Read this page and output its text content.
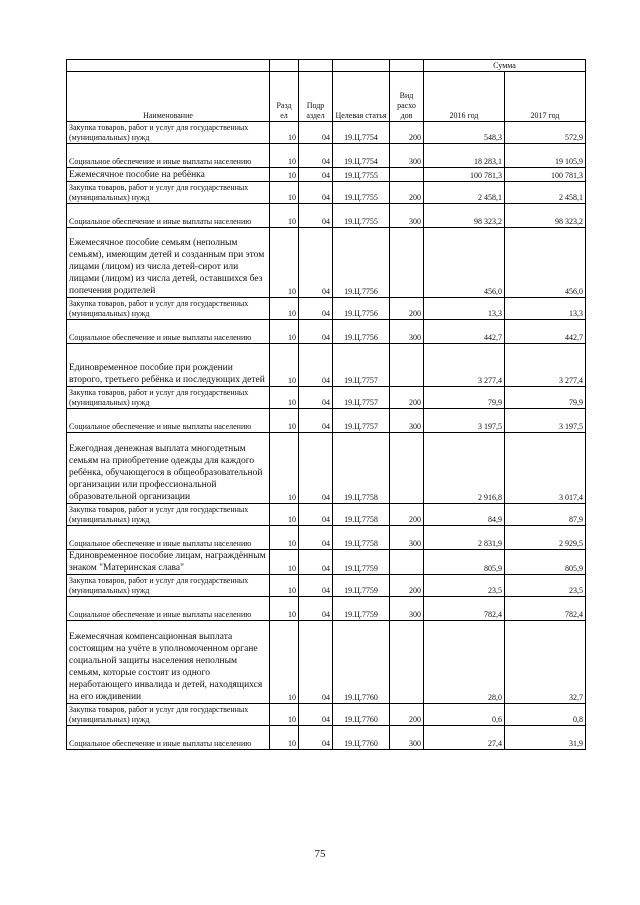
					Сумма	
Наименование	Разд ел	Подр аздел	Целевая статья	Вид расхо дов	2016 год	2017 год
Закупка товаров, работ и услуг для государственных (муниципальных) нужд	10	04	19.Ц.7754	200	548,3	572,9
Социальное обеспечение и иные выплаты населению	10	04	19.Ц.7754	300	18 283,1	19 105,9
Ежемесячное пособие на ребёнка	10	04	19.Ц.7755		100 781,3	100 781,3
Закупка товаров, работ и услуг для государственных (муниципальных) нужд	10	04	19.Ц.7755	200	2 458,1	2 458,1
Социальное обеспечение и иные выплаты населению	10	04	19.Ц.7755	300	98 323,2	98 323,2
Ежемесячное пособие семьям (неполным семьям), имеющим детей и созданным при этом лицами (лицом) из числа детей-сирот или лицами (лицом) из числа детей, оставшихся без попечения родителей	10	04	19.Ц.7756		456,0	456,0
Закупка товаров, работ и услуг для государственных (муниципальных) нужд	10	04	19.Ц.7756	200	13,3	13,3
Социальное обеспечение и иные выплаты населению	10	04	19.Ц.7756	300	442,7	442,7
Единовременное пособие при рождении второго, третьего ребёнка и последующих детей	10	04	19.Ц.7757		3 277,4	3 277,4
Закупка товаров, работ и услуг для государственных (муниципальных) нужд	10	04	19.Ц.7757	200	79,9	79,9
Социальное обеспечение и иные выплаты населению	10	04	19.Ц.7757	300	3 197,5	3 197,5
Ежегодная денежная выплата многодетным семьям на приобретение одежды для каждого ребёнка, обучающегося в общеобразовательной организации или профессиональной образовательной организации	10	04	19.Ц.7758		2 916,8	3 017,4
Закупка товаров, работ и услуг для государственных (муниципальных) нужд	10	04	19.Ц.7758	200	84,9	87,9
Социальное обеспечение и иные выплаты населению	10	04	19.Ц.7758	300	2 831,9	2 929,5
Единовременное пособие лицам, награждённым знаком "Материнская слава"	10	04	19.Ц.7759		805,9	805,9
Закупка товаров, работ и услуг для государственных (муниципальных) нужд	10	04	19.Ц.7759	200	23,5	23,5
Социальное обеспечение и иные выплаты населению	10	04	19.Ц.7759	300	782,4	782,4
Ежемесячная компенсационная выплата состоящим на учёте в уполномоченном органе социальной защиты населения неполным семьям, которые состоят из одного неработающего инвалида и детей, находящихся на его иждивении	10	04	19.Ц.7760		28,0	32,7
Закупка товаров, работ и услуг для государственных (муниципальных) нужд	10	04	19.Ц.7760	200	0,6	0,8
Социальное обеспечение и иные выплаты населению	10	04	19.Ц.7760	300	27,4	31,9
75
